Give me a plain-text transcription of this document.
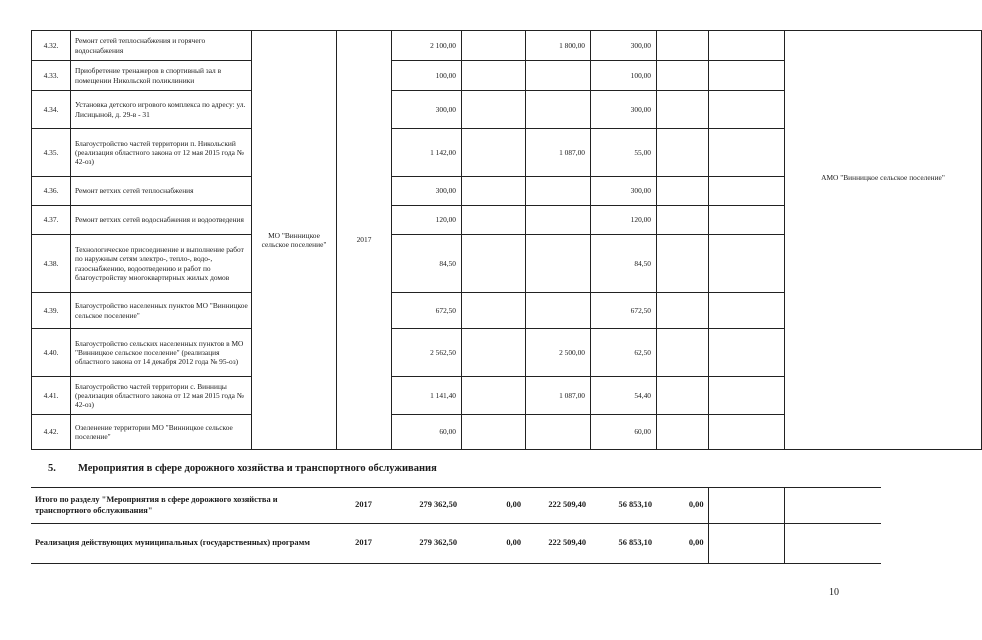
4.32.	Ремонт сетей теплоснабжения и горячего водоснабжения	МО "Винницкое сельское поселение"	2017	2 100,00		1 800,00	300,00			АМО "Винницкое сельское поселение"
4.33.	Приобретение тренажеров в спортивный зал в помещении Никольской поликлиники			100,00			100,00			
4.34.	Установка детского игрового комплекса по адресу: ул. Лисицыной, д. 29-в - 31			300,00			300,00			
4.35.	Благоустройство частей территории п. Никольский (реализация областного закона от 12 мая 2015 года № 42-оз)			1 142,00		1 087,00	55,00			
4.36.	Ремонт ветхих сетей теплоснабжения			300,00			300,00			
4.37.	Ремонт ветхих сетей водоснабжения и водоотведения			120,00			120,00			
4.38.	Технологическое присоединение и выполнение работ по наружным сетям электро-, тепло-, водо-, газоснабжению, водоотведению и работ по благоустройству многоквартирных жилых домов			84,50			84,50			
4.39.	Благоустройство населенных пунктов МО "Винницкое сельское поселение"			672,50			672,50			
4.40.	Благоустройство сельских населенных пунктов в МО "Винницкое сельское поселение" (реализация областного закона от 14 декабря 2012 года № 95-оз)			2 562,50		2 500,00	62,50			
4.41.	Благоустройство частей территории с. Винницы (реализация областного закона от 12 мая 2015 года № 42-оз)			1 141,40		1 087,00	54,40			
4.42.	Озеленение территории МО "Винницкое сельское поселение"			60,00			60,00			
5. Мероприятия в сфере дорожного хозяйства и транспортного обслуживания
Итого по разделу "Мероприятия в сфере дорожного хозяйства и транспортного обслуживания"	2017	279 362,50	0,00	222 509,40	56 853,10	0,00		
Реализация действующих муниципальных (государственных) программ	2017	279 362,50	0,00	222 509,40	56 853,10	0,00		
10
